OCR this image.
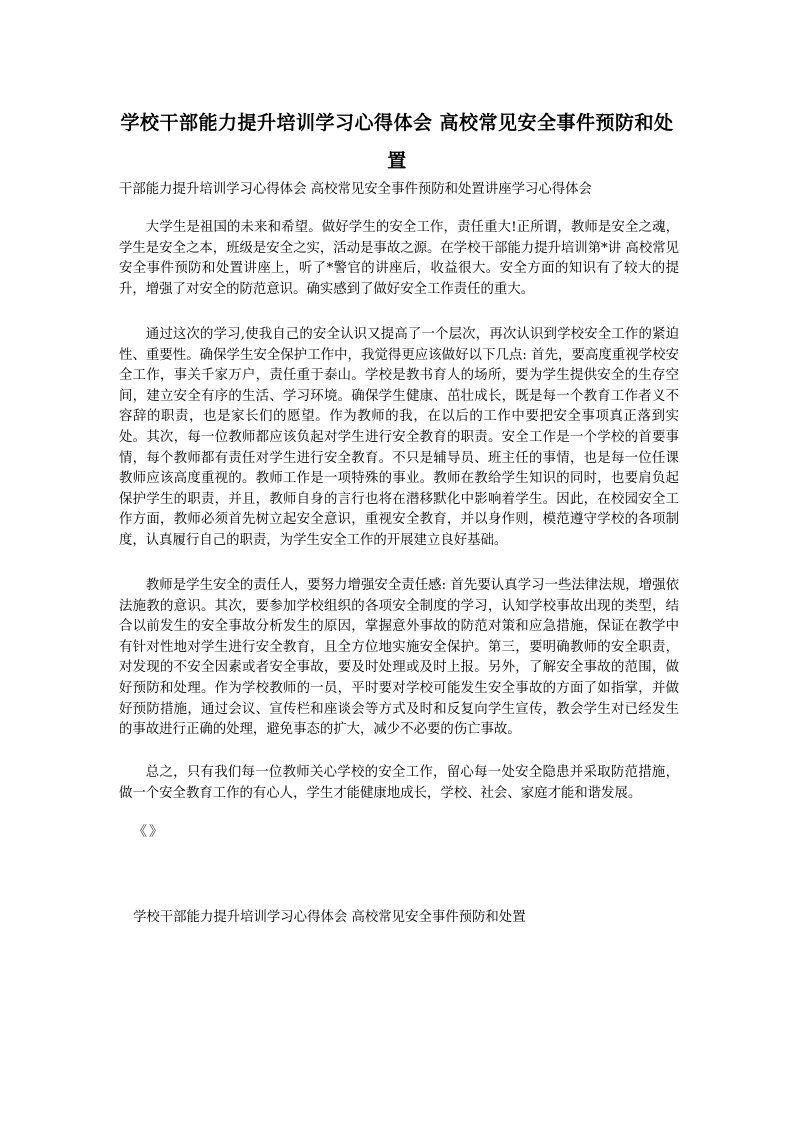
学校干部能力提升培训学习心得体会 高校常见安全事件预防和处置

干部能力提升培训学习心得体会 高校常见安全事件预防和处置讲座学习心得体会

大学生是祖国的未来和希望。做好学生的安全工作，责任重大!正所谓，教师是安全之魂，学生是安全之本，班级是安全之实，活动是事故之源。在学校干部能力提升培训第*讲 高校常见安全事件预防和处置讲座上，听了*警官的讲座后，收益很大。安全方面的知识有了较大的提升，增强了对安全的防范意识。确实感到了做好安全工作责任的重大。

通过这次的学习,使我自己的安全认识又提高了一个层次，再次认识到学校安全工作的紧迫性、重要性。确保学生安全保护工作中，我觉得更应该做好以下几点: 首先，要高度重视学校安全工作，事关千家万户，责任重于泰山。学校是教书育人的场所，要为学生提供安全的生存空间，建立安全有序的生活、学习环境。确保学生健康、茁壮成长，既是每一个教育工作者义不容辞的职责，也是家长们的愿望。作为教师的我，在以后的工作中要把安全事项真正落到实处。其次，每一位教师都应该负起对学生进行安全教育的职责。安全工作是一个学校的首要事情，每个教师都有责任对学生进行安全教育。不只是辅导员、班主任的事情，也是每一位任课教师应该高度重视的。教师工作是一项特殊的事业。教师在教给学生知识的同时，也要肩负起保护学生的职责，并且，教师自身的言行也将在潜移默化中影响着学生。因此，在校园安全工作方面，教师必须首先树立起安全意识，重视安全教育，并以身作则，模范遵守学校的各项制度，认真履行自己的职责，为学生安全工作的开展建立良好基础。

教师是学生安全的责任人，要努力增强安全责任感: 首先要认真学习一些法律法规，增强依法施教的意识。其次，要参加学校组织的各项安全制度的学习，认知学校事故出现的类型，结合以前发生的安全事故分析发生的原因，掌握意外事故的防范对策和应急措施，保证在教学中有针对性地对学生进行安全教育，且全方位地实施安全保护。第三，要明确教师的安全职责，对发现的不安全因素或者安全事故，要及时处理或及时上报。另外，了解安全事故的范围，做好预防和处理。作为学校教师的一员，平时要对学校可能发生安全事故的方面了如指掌，并做好预防措施，通过会议、宣传栏和座谈会等方式及时和反复向学生宣传，教会学生对已经发生的事故进行正确的处理，避免事态的扩大，减少不必要的伤亡事故。

总之，只有我们每一位教师关心学校的安全工作，留心每一处安全隐患并采取防范措施，做一个安全教育工作的有心人，学生才能健康地成长，学校、社会、家庭才能和谐发展。

《》

学校干部能力提升培训学习心得体会 高校常见安全事件预防和处置
